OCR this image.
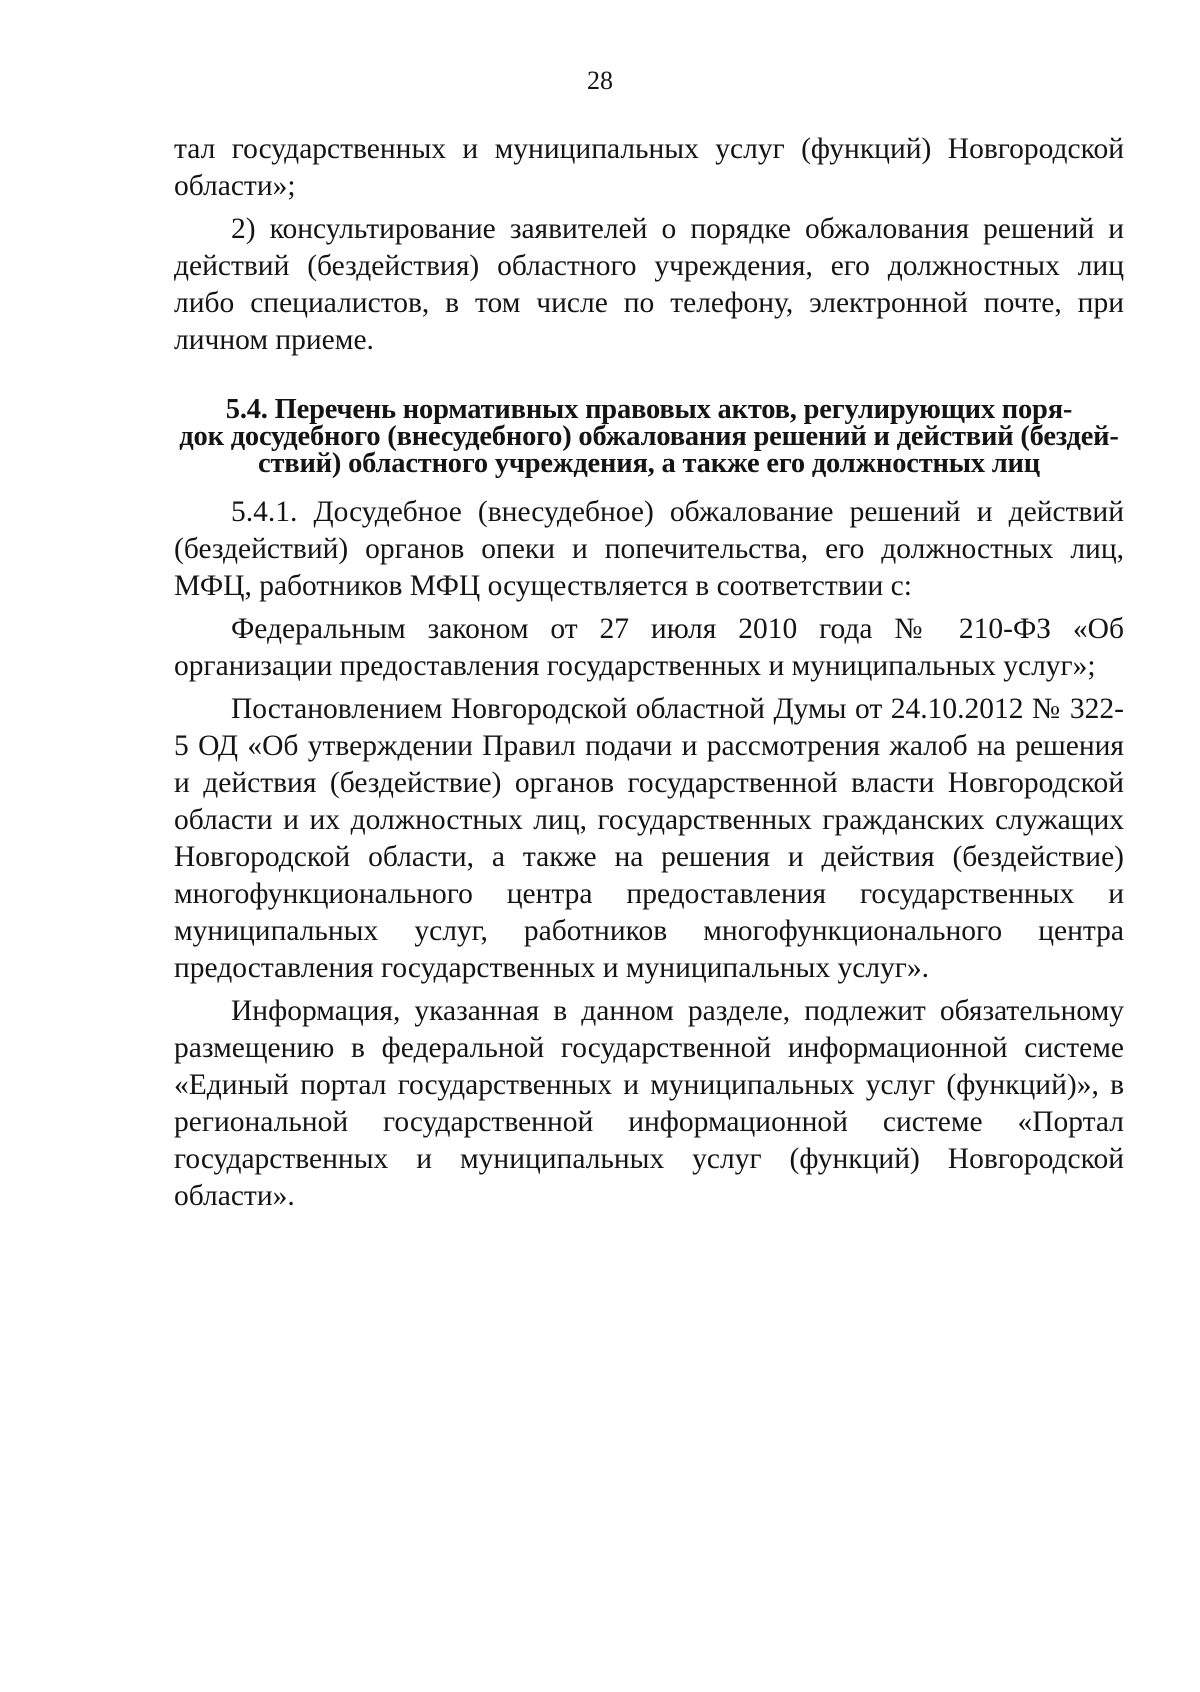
28

тал государственных и муниципальных услуг (функций) Новгородской области»;

2) консультирование заявителей о порядке обжалования решений и действий (бездействия) областного учреждения, его должностных лиц либо специалистов, в том числе по телефону, электронной почте, при личном приеме.

5.4. Перечень нормативных правовых актов, регулирующих поря-
док досудебного (внесудебного) обжалования решений и действий (бездей-
ствий) областного учреждения, а также его должностных лиц

5.4.1. Досудебное (внесудебное) обжалование решений и действий (бездействий) органов опеки и попечительства, его должностных лиц, МФЦ, работников МФЦ осуществляется в соответствии с:

Федеральным законом от 27 июля 2010 года № 210-ФЗ «Об организации предоставления государственных и муниципальных услуг»;

Постановлением Новгородской областной Думы от 24.10.2012 № 322-5 ОД «Об утверждении Правил подачи и рассмотрения жалоб на решения и действия (бездействие) органов государственной власти Новгородской области и их должностных лиц, государственных гражданских служащих Новгородской области, а также на решения и действия (бездействие) многофункционального центра предоставления государственных и муниципальных услуг, работников многофункционального центра предоставления государственных и муниципальных услуг».

Информация, указанная в данном разделе, подлежит обязательному размещению в федеральной государственной информационной системе «Единый портал государственных и муниципальных услуг (функций)», в региональной государственной информационной системе «Портал государственных и муниципальных услуг (функций) Новгородской области».
